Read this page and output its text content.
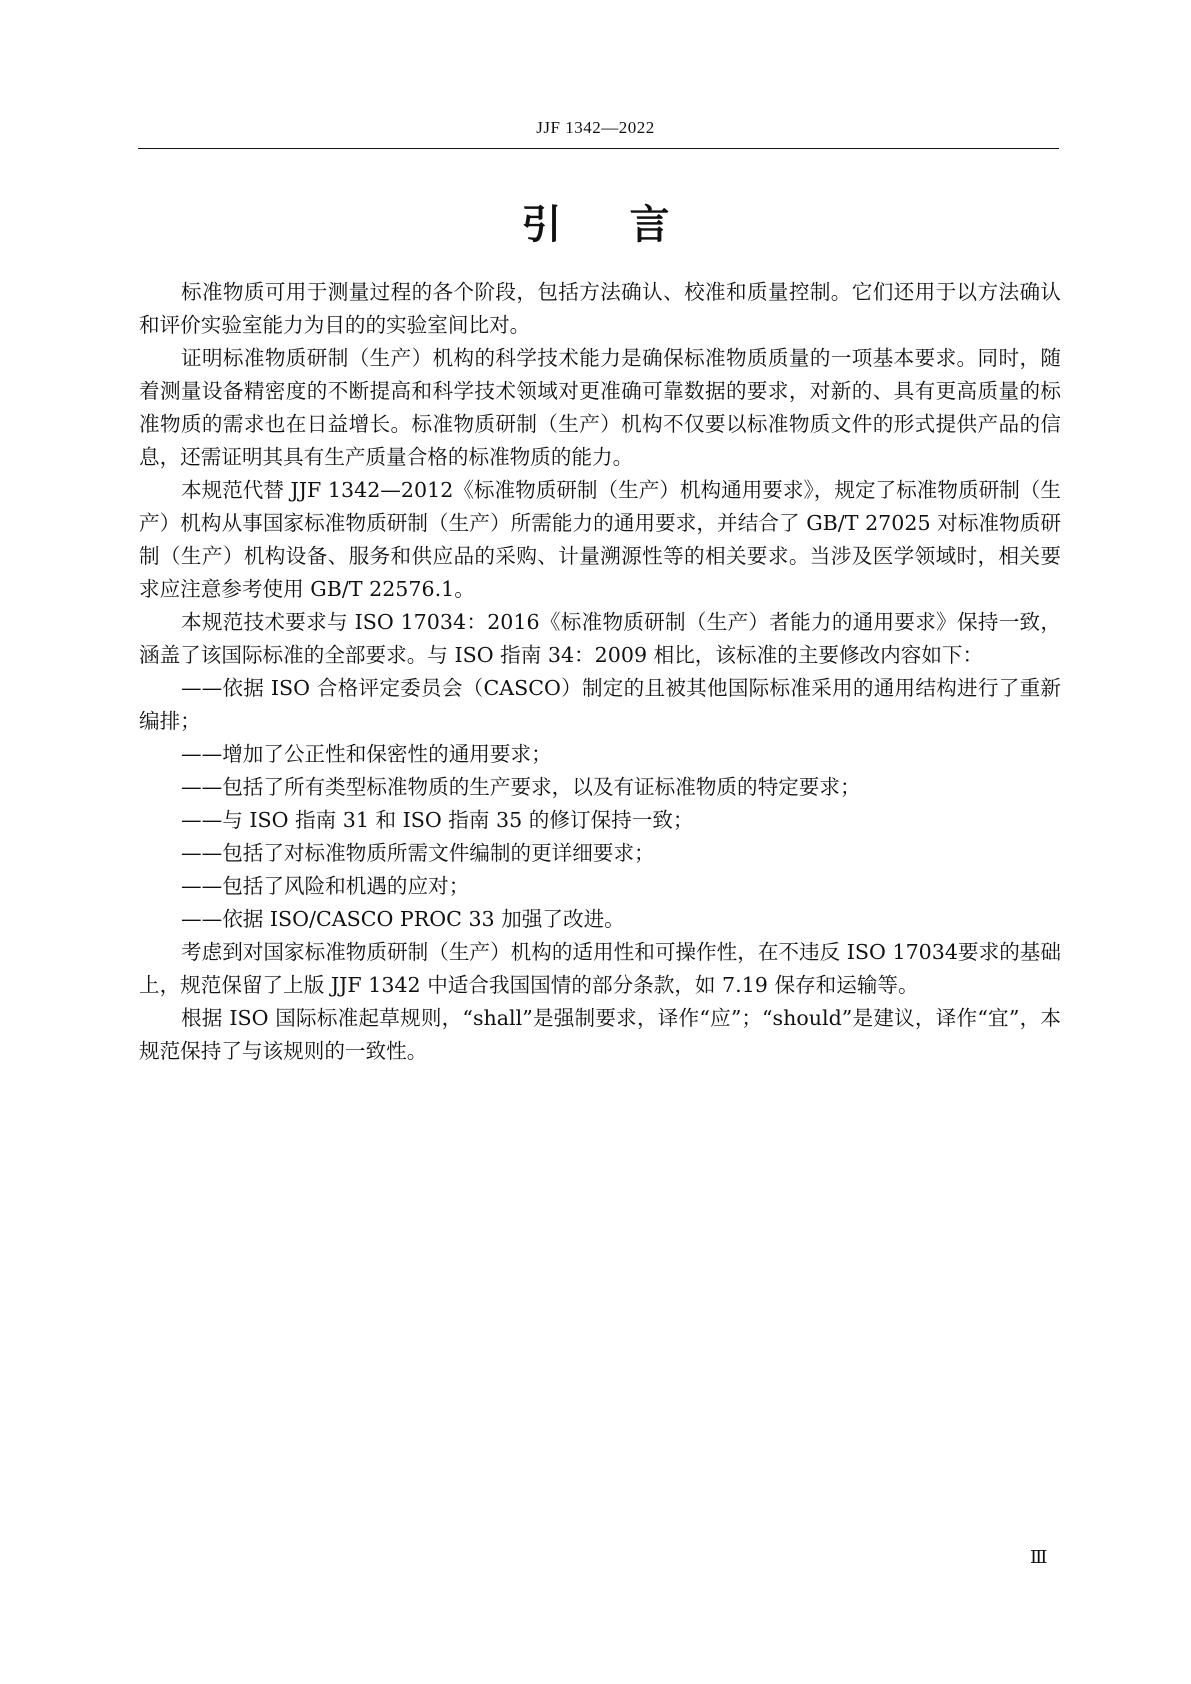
JJF 1342—2022
引言

标准物质可用于测量过程的各个阶段，包括方法确认、校准和质量控制。它们还用于以方法确认和评价实验室能力为目的的实验室间比对。

证明标准物质研制（生产）机构的科学技术能力是确保标准物质质量的一项基本要求。同时，随着测量设备精密度的不断提高和科学技术领域对更准确可靠数据的要求，对新的、具有更高质量的标准物质的需求也在日益增长。标准物质研制（生产）机构不仅要以标准物质文件的形式提供产品的信息，还需证明其具有生产质量合格的标准物质的能力。

本规范代替 JJF 1342—2012《标准物质研制（生产）机构通用要求》，规定了标准物质研制（生产）机构从事国家标准物质研制（生产）所需能力的通用要求，并结合了 GB/T 27025 对标准物质研制（生产）机构设备、服务和供应品的采购、计量溯源性等的相关要求。当涉及医学领域时，相关要求应注意参考使用 GB/T 22576.1。

本规范技术要求与 ISO 17034：2016《标准物质研制（生产）者能力的通用要求》保持一致，涵盖了该国际标准的全部要求。与 ISO 指南 34：2009 相比，该标准的主要修改内容如下：

——依据 ISO 合格评定委员会（CASCO）制定的且被其他国际标准采用的通用结构进行了重新编排；

——增加了公正性和保密性的通用要求；

——包括了所有类型标准物质的生产要求，以及有证标准物质的特定要求；

——与 ISO 指南 31 和 ISO 指南 35 的修订保持一致；

——包括了对标准物质所需文件编制的更详细要求；

——包括了风险和机遇的应对；

——依据 ISO/CASCO PROC 33 加强了改进。

考虑到对国家标准物质研制（生产）机构的适用性和可操作性，在不违反 ISO 17034要求的基础上，规范保留了上版 JJF 1342 中适合我国国情的部分条款，如 7.19 保存和运输等。

根据 ISO 国际标准起草规则，“shall”是强制要求，译作“应”；“should”是建议，译作“宜”，本规范保持了与该规则的一致性。

Ⅲ
